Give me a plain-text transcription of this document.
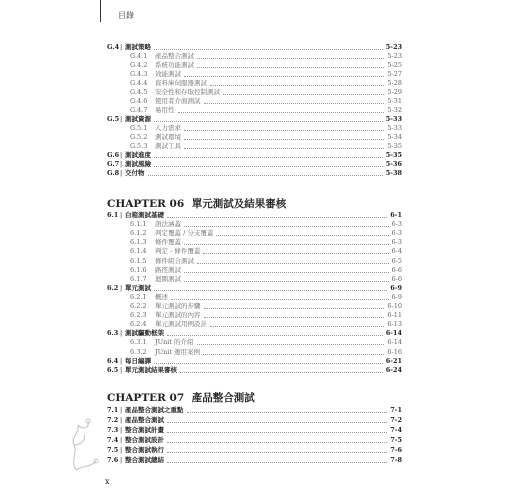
目錄
G.4 | 測試策略	5-23
G.4.1 產品整合測試	5-23
G.4.2 系統功能測試	5-25
G.4.3 效能測試	5-27
G.4.4 資料庫伺服器測試	5-28
G.4.5 安全性和存取控制測試	5-29
G.4.6 使用者介面測試	5-31
G.4.7 易用性	5-32
G.5 | 測試資源	5-33
G.5.1 人力需求	5-33
G.5.2 測試環境	5-34
G.5.3 測試工具	5-35
G.6 | 測試進度	5-35
G.7 | 測試風險	5-36
G.8 | 交付物	5-38
6.1 | 白箱測試基礎	6-1
6.1.1 語法涵蓋	6-3
6.1.2 判定覆蓋 / 分支覆蓋	6-3
6.1.3 條件覆蓋	6-3
6.1.4 判定 - 條件覆蓋	6-4
6.1.5 條件組合測試	6-5
6.1.6 路徑測試	6-6
6.1.7 迴圈測試	6-6
6.2 | 單元測試	6-9
6.2.1 概述	6-9
6.2.2 單元測試的步驟	6-10
6.2.3 單元測試的內容	6-11
6.2.4 單元測試用例設計	6-13
6.3 | 測試驅動框架	6-14
6.3.1 JUnit 的介紹	6-14
6.3.2 JUnit 運用案例	6-16
6.4 | 每日編譯	6-21
6.5 | 單元測試結果審核	6-24
7.1 | 產品整合測試之重點	7-1
7.2 | 產品整合測試	7-2
7.3 | 整合測試計畫	7-4
7.4 | 整合測試設計	7-5
7.5 | 整合測試執行	7-6
7.6 | 整合測試總結	7-8
CHAPTER 06 單元測試及結果審核
CHAPTER 07 產品整合測試
x
